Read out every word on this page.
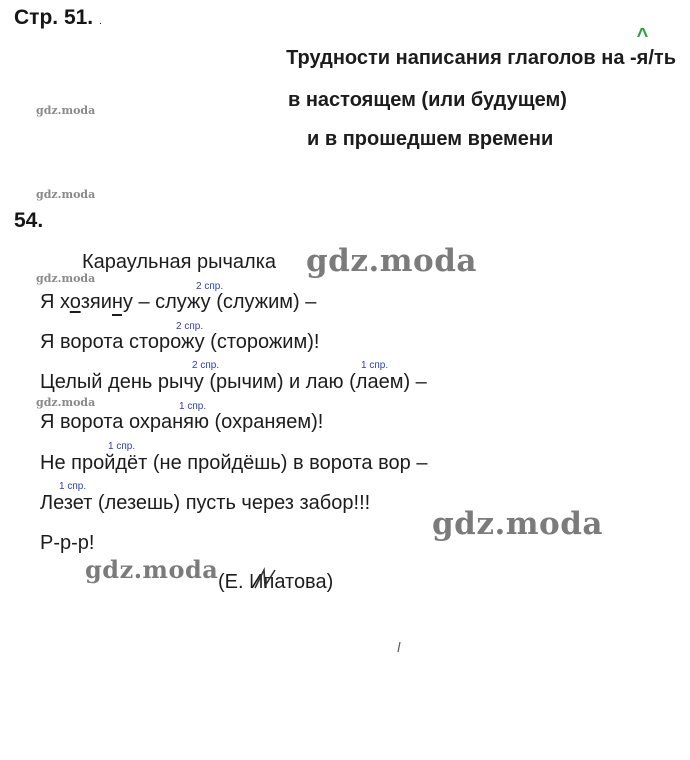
Стр. 51. .
Трудности написания глаголов на -я
^
/ть
в настоящем (или будущем)
и в прошедшем времени
gdz.moda
gdz.moda
gdz.moda
gdz.moda
54.
Караульная рычалка gdz.moda
2 спр.
2 спр.
2 спр.	1 спр.
1 спр.
1 спр.
1 спр.
Я хозяину – служу (служим) –
Я ворота сторожу (сторожим)!
Целый день рычу (рычим) и лаю (лаем) –
Я ворота охраняю (охраняем)!
Не пройдёт (не пройдёшь) в ворота вор –
Лезет (лезешь) пусть через забор!!!
Р-р-р!
gdz.moda
gdz.moda (Е. Ипатова)
